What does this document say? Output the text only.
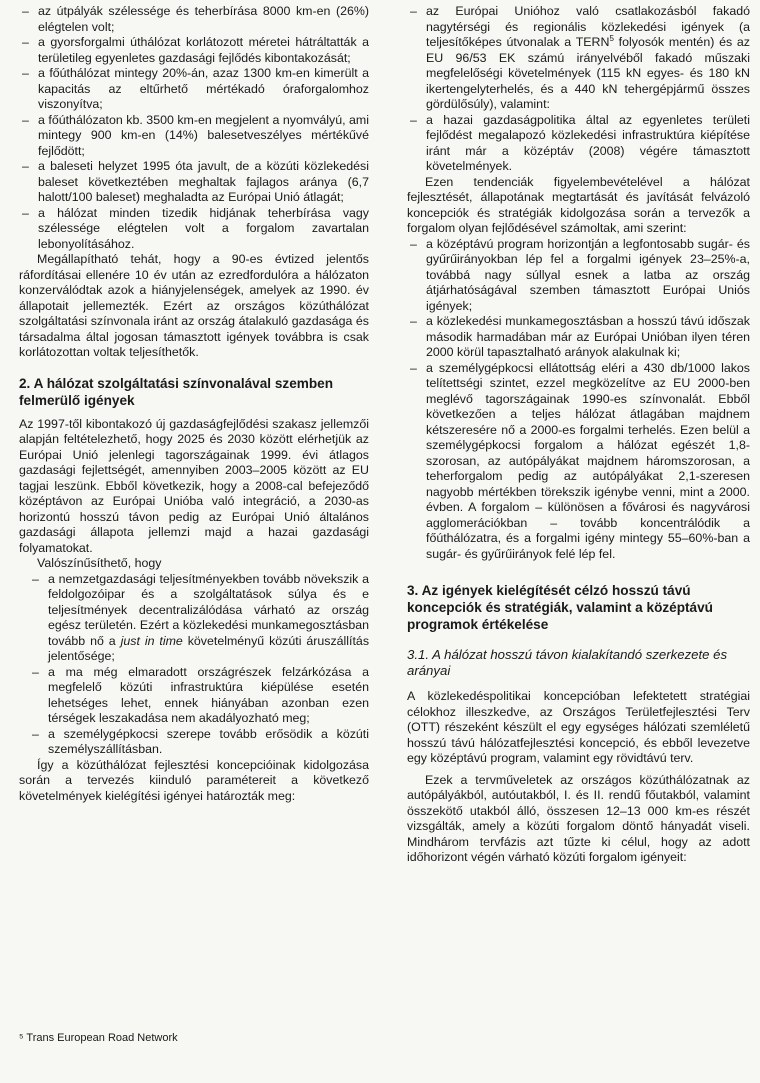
– az útpályák szélessége és teherbírása 8000 km-en (26%) elégtelen volt;
– a gyorsforgalmi úthálózat korlátozott méretei hátráltatták a területileg egyenletes gazdasági fejlődés kibontakozását;
– a főúthálózat mintegy 20%-án, azaz 1300 km-en kimerült a kapacitás az eltűrhető mértékadó óraforgalomhoz viszonyítva;
– a főúthálózaton kb. 3500 km-en megjelent a nyomvályú, ami mintegy 900 km-en (14%) balesetveszélyes mértékűvé fejlődött;
– a baleseti helyzet 1995 óta javult, de a közúti közlekedési baleset következtében meghaltak fajlagos aránya (6,7 halott/100 baleset) meghaladta az Európai Unió átlagát;
– a hálózat minden tizedik hidjának teherbírása vagy szélessége elégtelen volt a forgalom zavartalan lebonyolításához.

Megállapítható tehát, hogy a 90-es évtized jelentős ráfordításai ellenére 10 év után az ezredfordulóra a hálózaton konzerválódtak azok a hiányjelenségek, amelyek az 1990. év állapotait jellemezték. Ezért az országos közúthálózat szolgáltatási színvonala iránt az ország átalakuló gazdasága és társadalma által jogosan támasztott igények továbbra is csak korlátozottan voltak teljesíthetők.

2. A hálózat szolgáltatási színvonalával szemben felmerülő igények

Az 1997-től kibontakozó új gazdaságfejlődési szakasz jellemzői alapján feltételezhető, hogy 2025 és 2030 között elérhetjük az Európai Unió jelenlegi tagországainak 1999. évi átlagos gazdasági fejlettségét, amennyiben 2003–2005 között az EU tagjai leszünk. Ebből következik, hogy a 2008-cal befejeződő középtávon az Európai Unióba való integráció, a 2030-as horizontú hosszú távon pedig az Európai Unió általános gazdasági állapota jellemzi majd a hazai gazdasági folyamatokat.

Valószínűsíthető, hogy

– a nemzetgazdasági teljesítményekben tovább növekszik a feldolgozóipar és a szolgáltatások súlya és e teljesítmények decentralizálódása várható az ország egész területén. Ezért a közlekedési munkamegosztásban tovább nő a just in time követelményű közúti áruszállítás jelentősége;
– a ma még elmaradott országrészek felzárkózása a megfelelő közúti infrastruktúra kiépülése esetén lehetséges lehet, ennek hiányában azonban ezen térségek leszakadása nem akadályozható meg;
– a személygépkocsi szerepe tovább erősödik a közúti személyszállításban.

Így a közúthálózat fejlesztési koncepcióinak kidolgozása során a tervezés kiinduló paramétereit a következő követelmények kielégítési igényei határozták meg:

– az Európai Unióhoz való csatlakozásból fakadó nagytérségi és regionális közlekedési igények (a teljesítőképes útvonalak a TERN$^5$ folyosók mentén) és az EU 96/53 EK számú irányelvéből fakadó műszaki megfelelőségi követelmények (115 kN egyes- és 180 kN ikertengelyterhelés, és a 440 kN tehergépjármű összes gördülősúly), valamint:
– a hazai gazdaságpolitika által az egyenletes területi fejlődést megalapozó közlekedési infrastruktúra kiépítése iránt már a középtáv (2008) végére támasztott követelmények.

Ezen tendenciák figyelembevételével a hálózat fejlesztését, állapotának megtartását és javítását felvázoló koncepciók és stratégiák kidolgozása során a tervezők a forgalom olyan fejlődésével számoltak, ami szerint:

– a középtávú program horizontján a legfontosabb sugár- és gyűrűirányokban lép fel a forgalmi igények 23–25%-a, továbbá nagy súllyal esnek a latba az ország átjárhatóságával szemben támasztott Európai Uniós igények;
– a közlekedési munkamegosztásban a hosszú távú időszak második harmadában már az Európai Unióban ilyen téren 2000 körül tapasztalható arányok alakulnak ki;
– a személygépkocsi ellátottság eléri a 430 db/1000 lakos telítettségi szintet, ezzel megközelítve az EU 2000-ben meglévő tagországainak 1990-es színvonalát. Ebből következően a teljes hálózat átlagában majdnem kétszeresére nő a 2000-es forgalmi terhelés. Ezen belül a személygépkocsi forgalom a hálózat egészét 1,8-szorosan, az autópályákat majdnem háromszorosan, a teherforgalom pedig az autópályákat 2,1-szeresen nagyobb mértékben törekszik igénybe venni, mint a 2000. évben. A forgalom – különösen a fővárosi és nagyvárosi agglomerációkban – tovább koncentrálódik a főúthálózatra, és a forgalmi igény mintegy 55–60%-ban a sugár- és gyűrűirányok felé lép fel.
3. Az igények kielégítését célzó hosszú távú koncepciók és stratégiák, valamint a középtávú programok értékelése
3.1. A hálózat hosszú távon kialakítandó szerkezete és arányai

A közlekedéspolitikai koncepcióban lefektetett stratégiai célokhoz illeszkedve, az Országos Területfejlesztési Terv (OTT) részeként készült el egy egységes hálózati szemléletű hosszú távú hálózatfejlesztési koncepció, és ebből levezetve egy középtávú program, valamint egy rövidtávú terv.

Ezek a tervműveletek az országos közúthálózatnak az autópályákból, autóutakból, I. és II. rendű főutakból, valamint összekötő utakból álló, összesen 12–13 000 km-es részét vizsgálták, amely a közúti forgalom döntő hányadát viseli. Mindhárom tervfázis azt tűzte ki célul, hogy az adott időhorizont végén várható közúti forgalom igényeit:

⁵ Trans European Road Network
